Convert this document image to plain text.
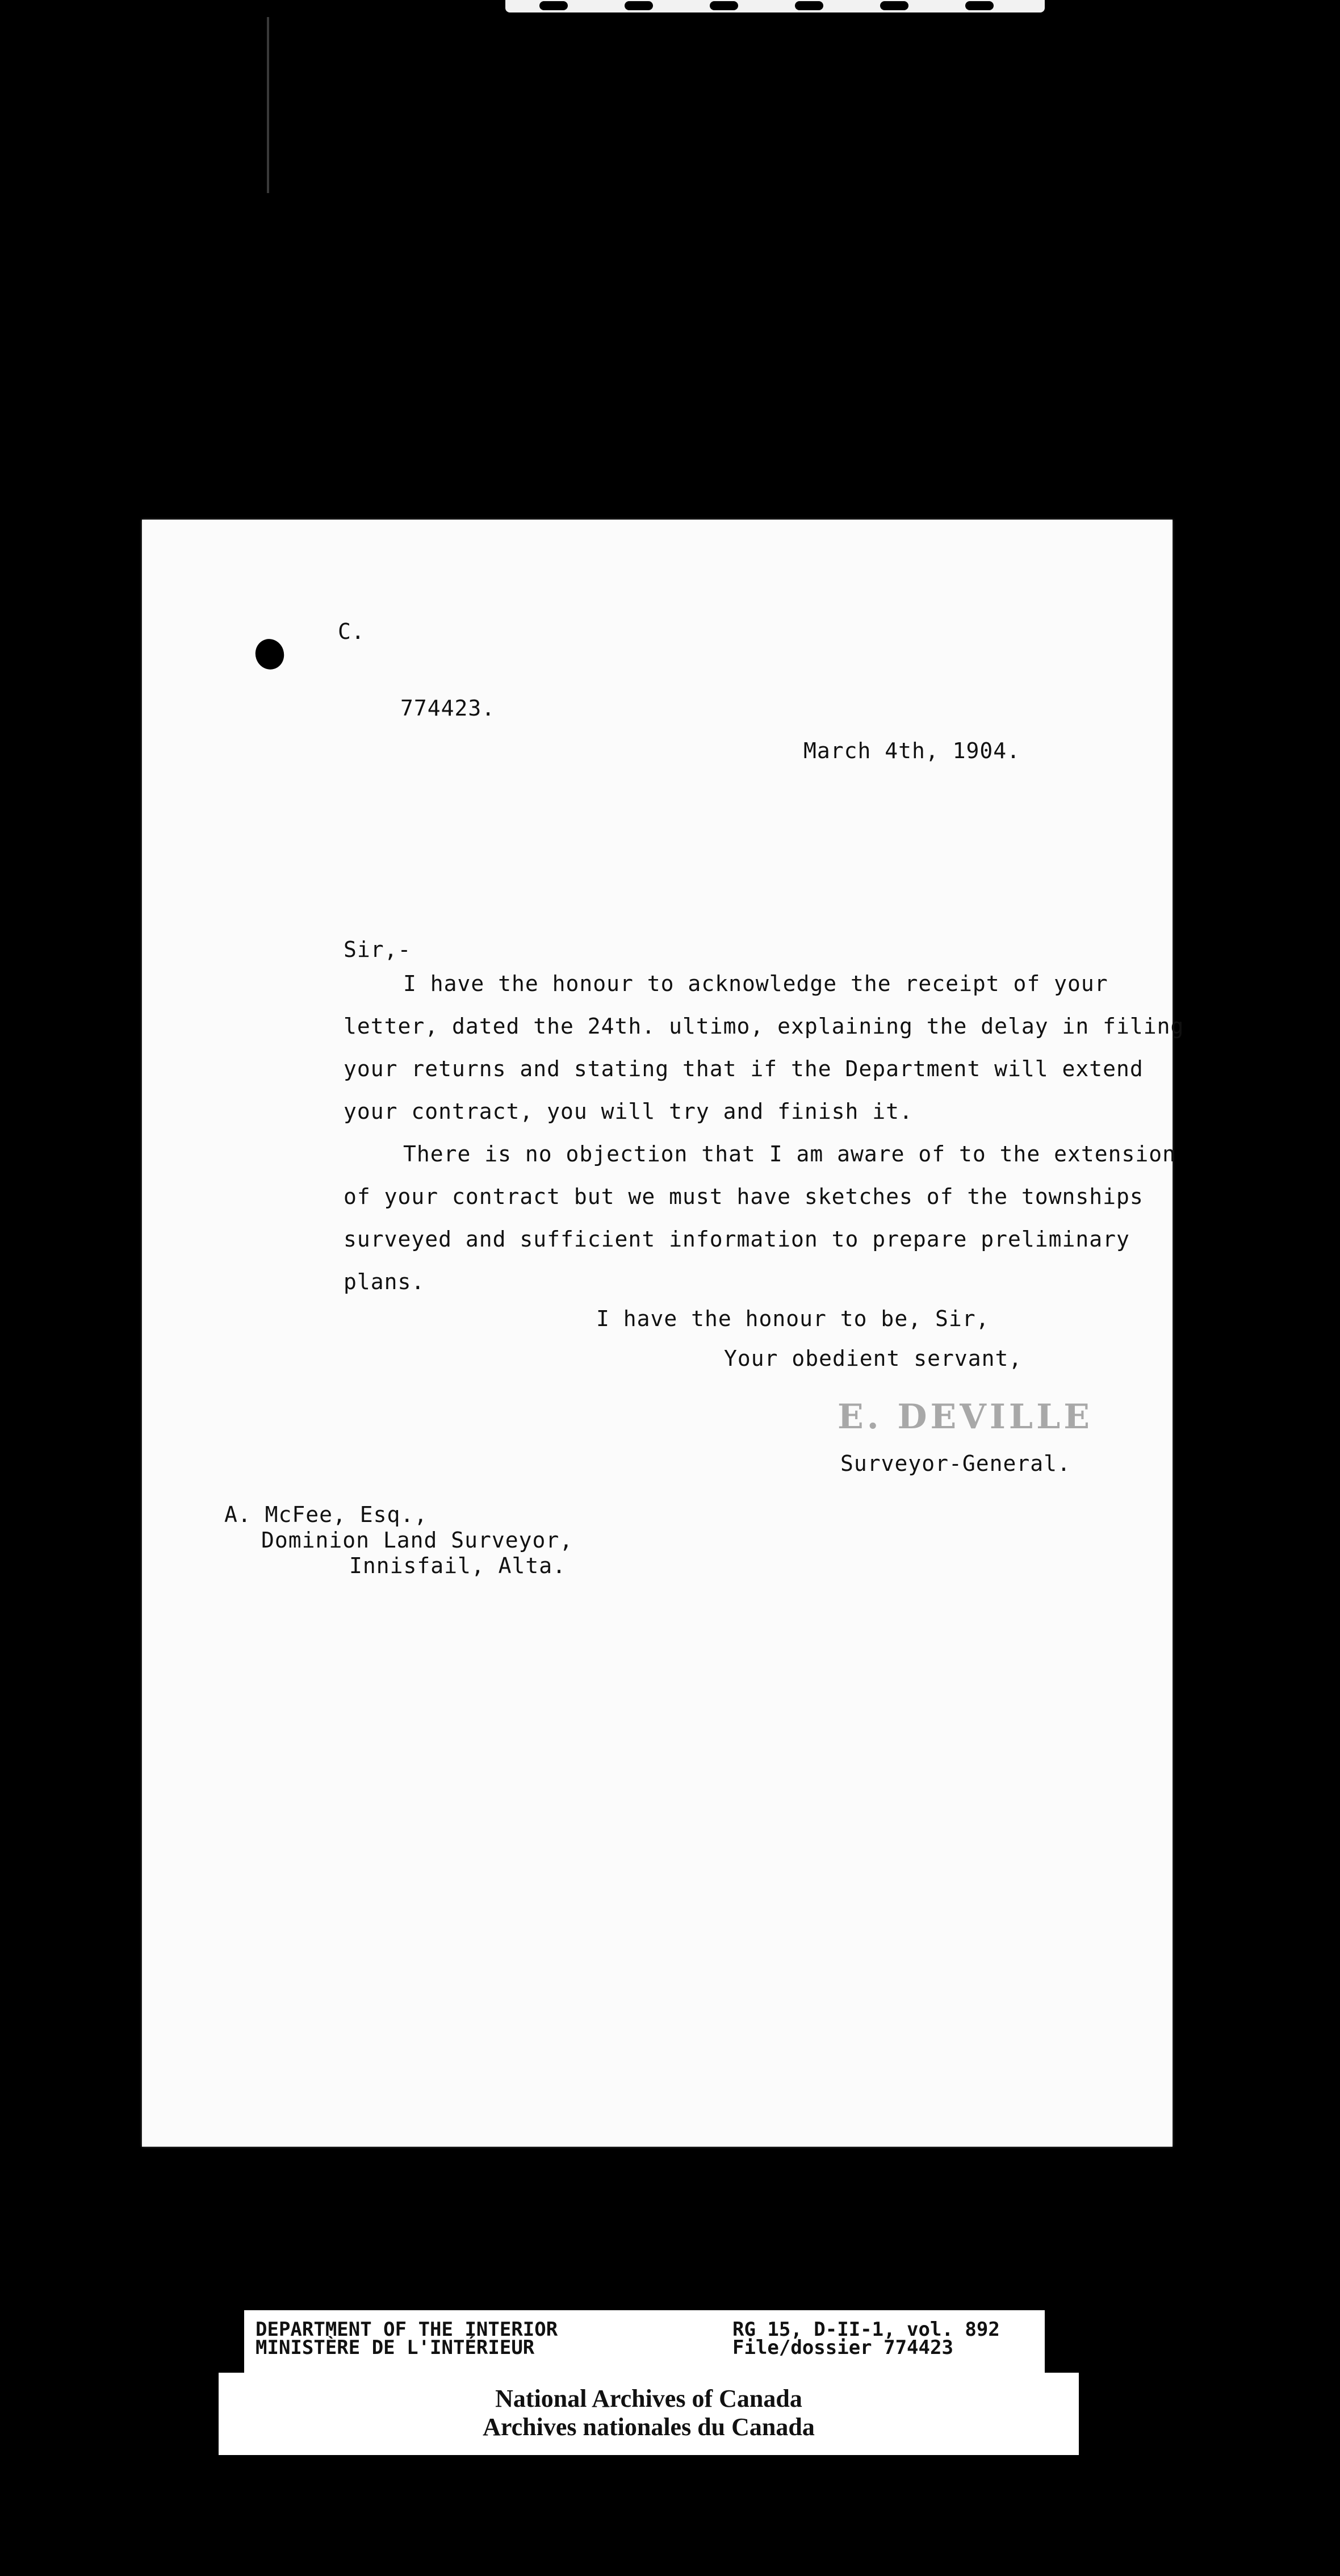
C.
774423.
March 4th, 1904.
Sir,-
I have the honour to acknowledge the receipt of your
letter, dated the 24th. ultimo, explaining the delay in filing
your returns and stating that if the Department will extend
your contract, you will try and finish it.
There is no objection that I am aware of to the extension
of your contract but we must have sketches of the townships
surveyed and sufficient information to prepare preliminary
plans.
I have the honour to be, Sir,
Your obedient servant,
E. DEVILLE
Surveyor-General.
A. McFee, Esq.,
Dominion Land Surveyor,
Innisfail, Alta.
DEPARTMENT OF THE INTERIOR
MINISTÈRE DE L'INTÉRIEUR
RG 15, D-II-1, vol. 892
File/dossier 774423
National Archives of Canada
Archives nationales du Canada
